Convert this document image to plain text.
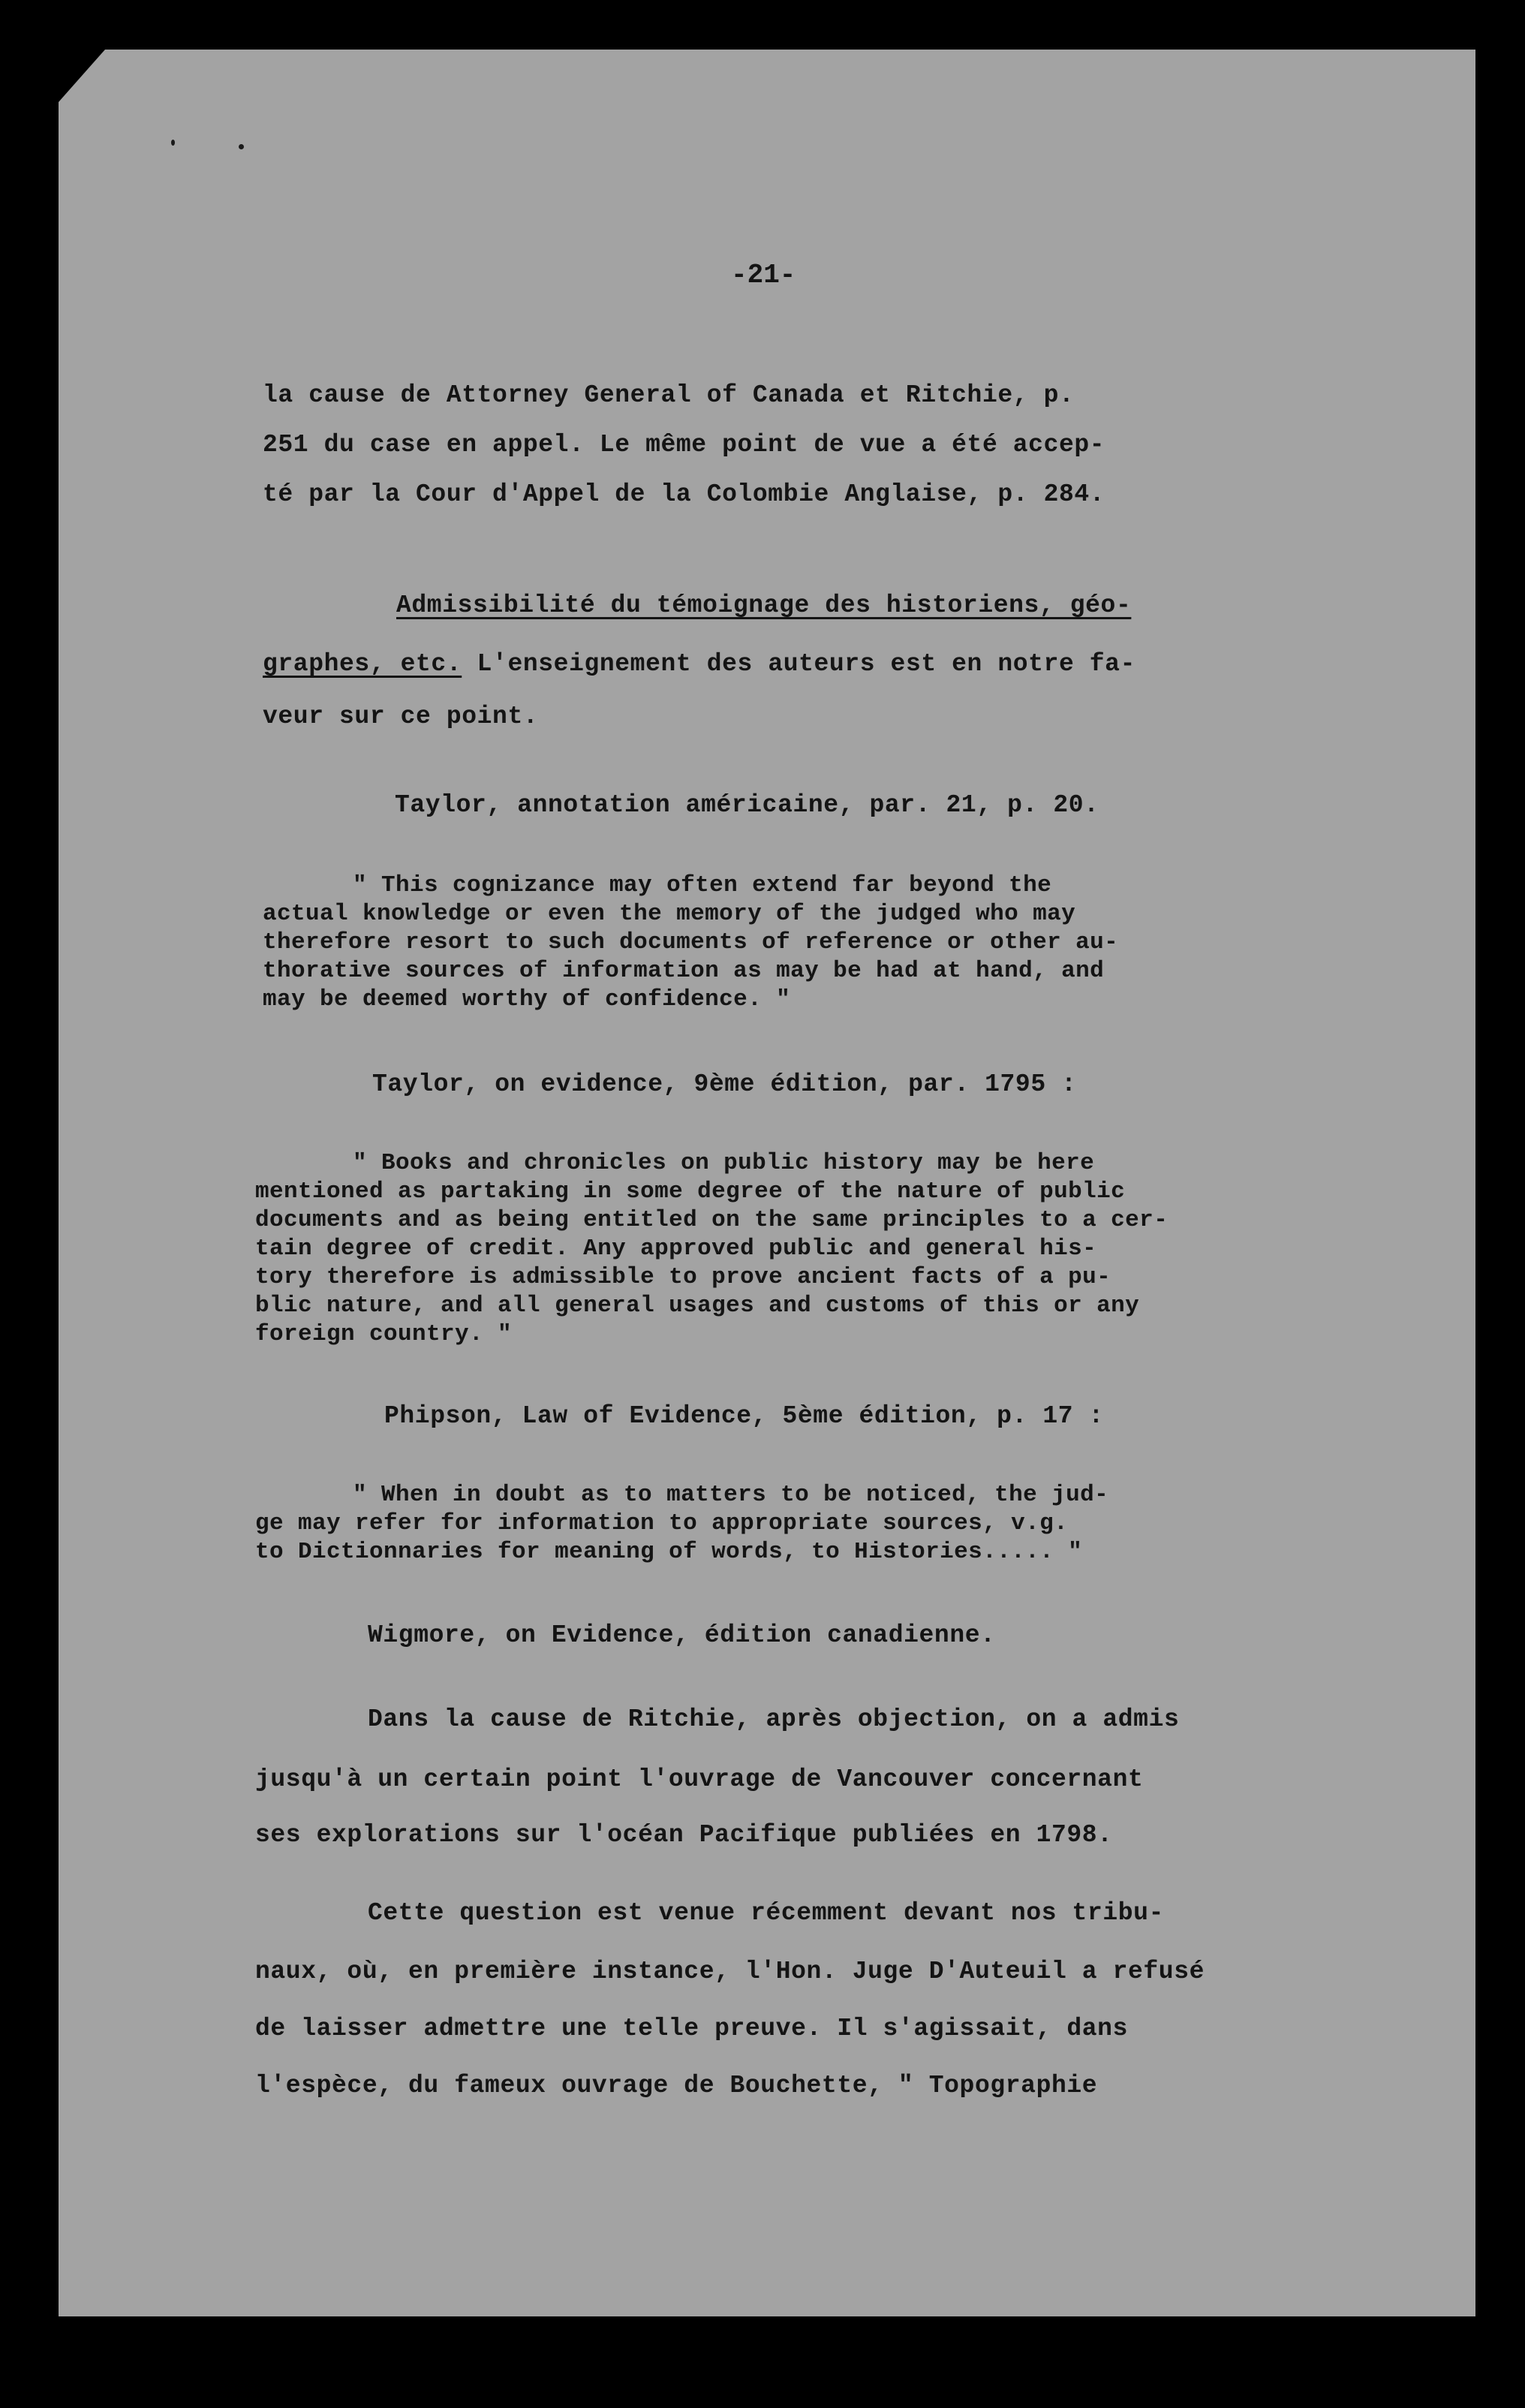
-21-
la cause de Attorney General of Canada et Ritchie, p.
251 du case en appel. Le même point de vue a été accep-
té par la Cour d'Appel de la Colombie Anglaise, p. 284.
Admissibilité du témoignage des historiens, géo-
graphes, etc. L'enseignement des auteurs est en notre fa-
veur sur ce point.
Taylor, annotation américaine, par. 21, p. 20.
" This cognizance may often extend far beyond the
actual knowledge or even the memory of the judged who may
therefore resort to such documents of reference or other au-
thorative sources of information as may be had at hand, and
may be deemed worthy of confidence. "
Taylor, on evidence, 9ème édition, par. 1795 :
" Books and chronicles on public history may be here
mentioned as partaking in some degree of the nature of public
documents and as being entitled on the same principles to a cer-
tain degree of credit. Any approved public and general his-
tory therefore is admissible to prove ancient facts of a pu-
blic nature, and all general usages and customs of this or any
foreign country. "
Phipson, Law of Evidence, 5ème édition, p. 17 :
" When in doubt as to matters to be noticed, the jud-
ge may refer for information to appropriate sources, v.g.
to Dictionnaries for meaning of words, to Histories..... "
Wigmore, on Evidence, édition canadienne.
Dans la cause de Ritchie, après objection, on a admis
jusqu'à un certain point l'ouvrage de Vancouver concernant
ses explorations sur l'océan Pacifique publiées en 1798.
Cette question est venue récemment devant nos tribu-
naux, où, en première instance, l'Hon. Juge D'Auteuil a refusé
de laisser admettre une telle preuve. Il s'agissait, dans
l'espèce, du fameux ouvrage de Bouchette, " Topographie
